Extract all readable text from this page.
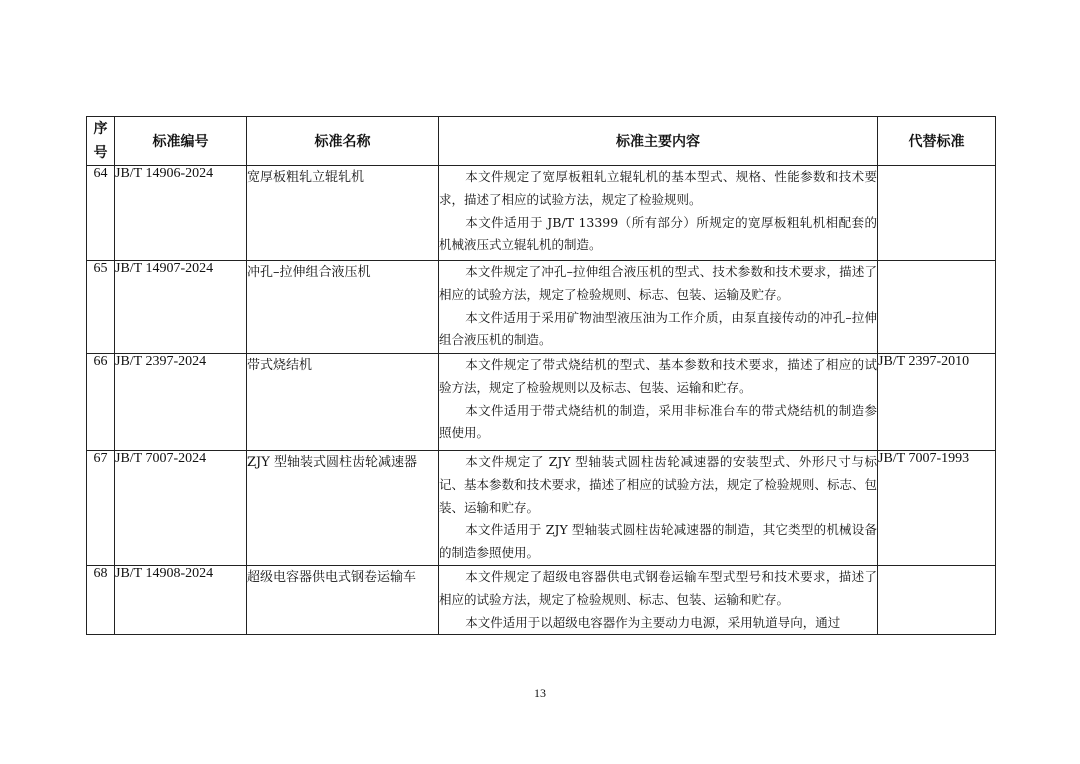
序
号	标准编号	标准名称	标准主要内容	代替标准
64	JB/T 14906-2024	宽厚板粗轧立辊轧机	本文件规定了宽厚板粗轧立辊轧机的基本型式、规格、性能参数和技术要求，描述了相应的试验方法，规定了检验规则。

本文件适用于 JB/T 13399（所有部分）所规定的宽厚板粗轧机相配套的机械液压式立辊轧机的制造。	

65	JB/T 14907-2024	冲孔–拉伸组合液压机	本文件规定了冲孔–拉伸组合液压机的型式、技术参数和技术要求，描述了相应的试验方法，规定了检验规则、标志、包装、运输及贮存。

本文件适用于采用矿物油型液压油为工作介质，由泵直接传动的冲孔–拉伸组合液压机的制造。	

66	JB/T 2397-2024	带式烧结机	本文件规定了带式烧结机的型式、基本参数和技术要求，描述了相应的试验方法，规定了检验规则以及标志、包装、运输和贮存。

本文件适用于带式烧结机的制造，采用非标准台车的带式烧结机的制造参照使用。	JB/T 2397-2010
67	JB/T 7007-2024	ZJY 型轴装式圆柱齿轮减速器	本文件规定了 ZJY 型轴装式圆柱齿轮减速器的安装型式、外形尺寸与标记、基本参数和技术要求，描述了相应的试验方法，规定了检验规则、标志、包装、运输和贮存。

本文件适用于 ZJY 型轴装式圆柱齿轮减速器的制造，其它类型的机械设备的制造参照使用。	JB/T 7007-1993
68	JB/T 14908-2024	超级电容器供电式钢卷运输车	本文件规定了超级电容器供电式钢卷运输车型式型号和技术要求，描述了相应的试验方法，规定了检验规则、标志、包装、运输和贮存。

本文件适用于以超级电容器作为主要动力电源，采用轨道导向，通过	

13
